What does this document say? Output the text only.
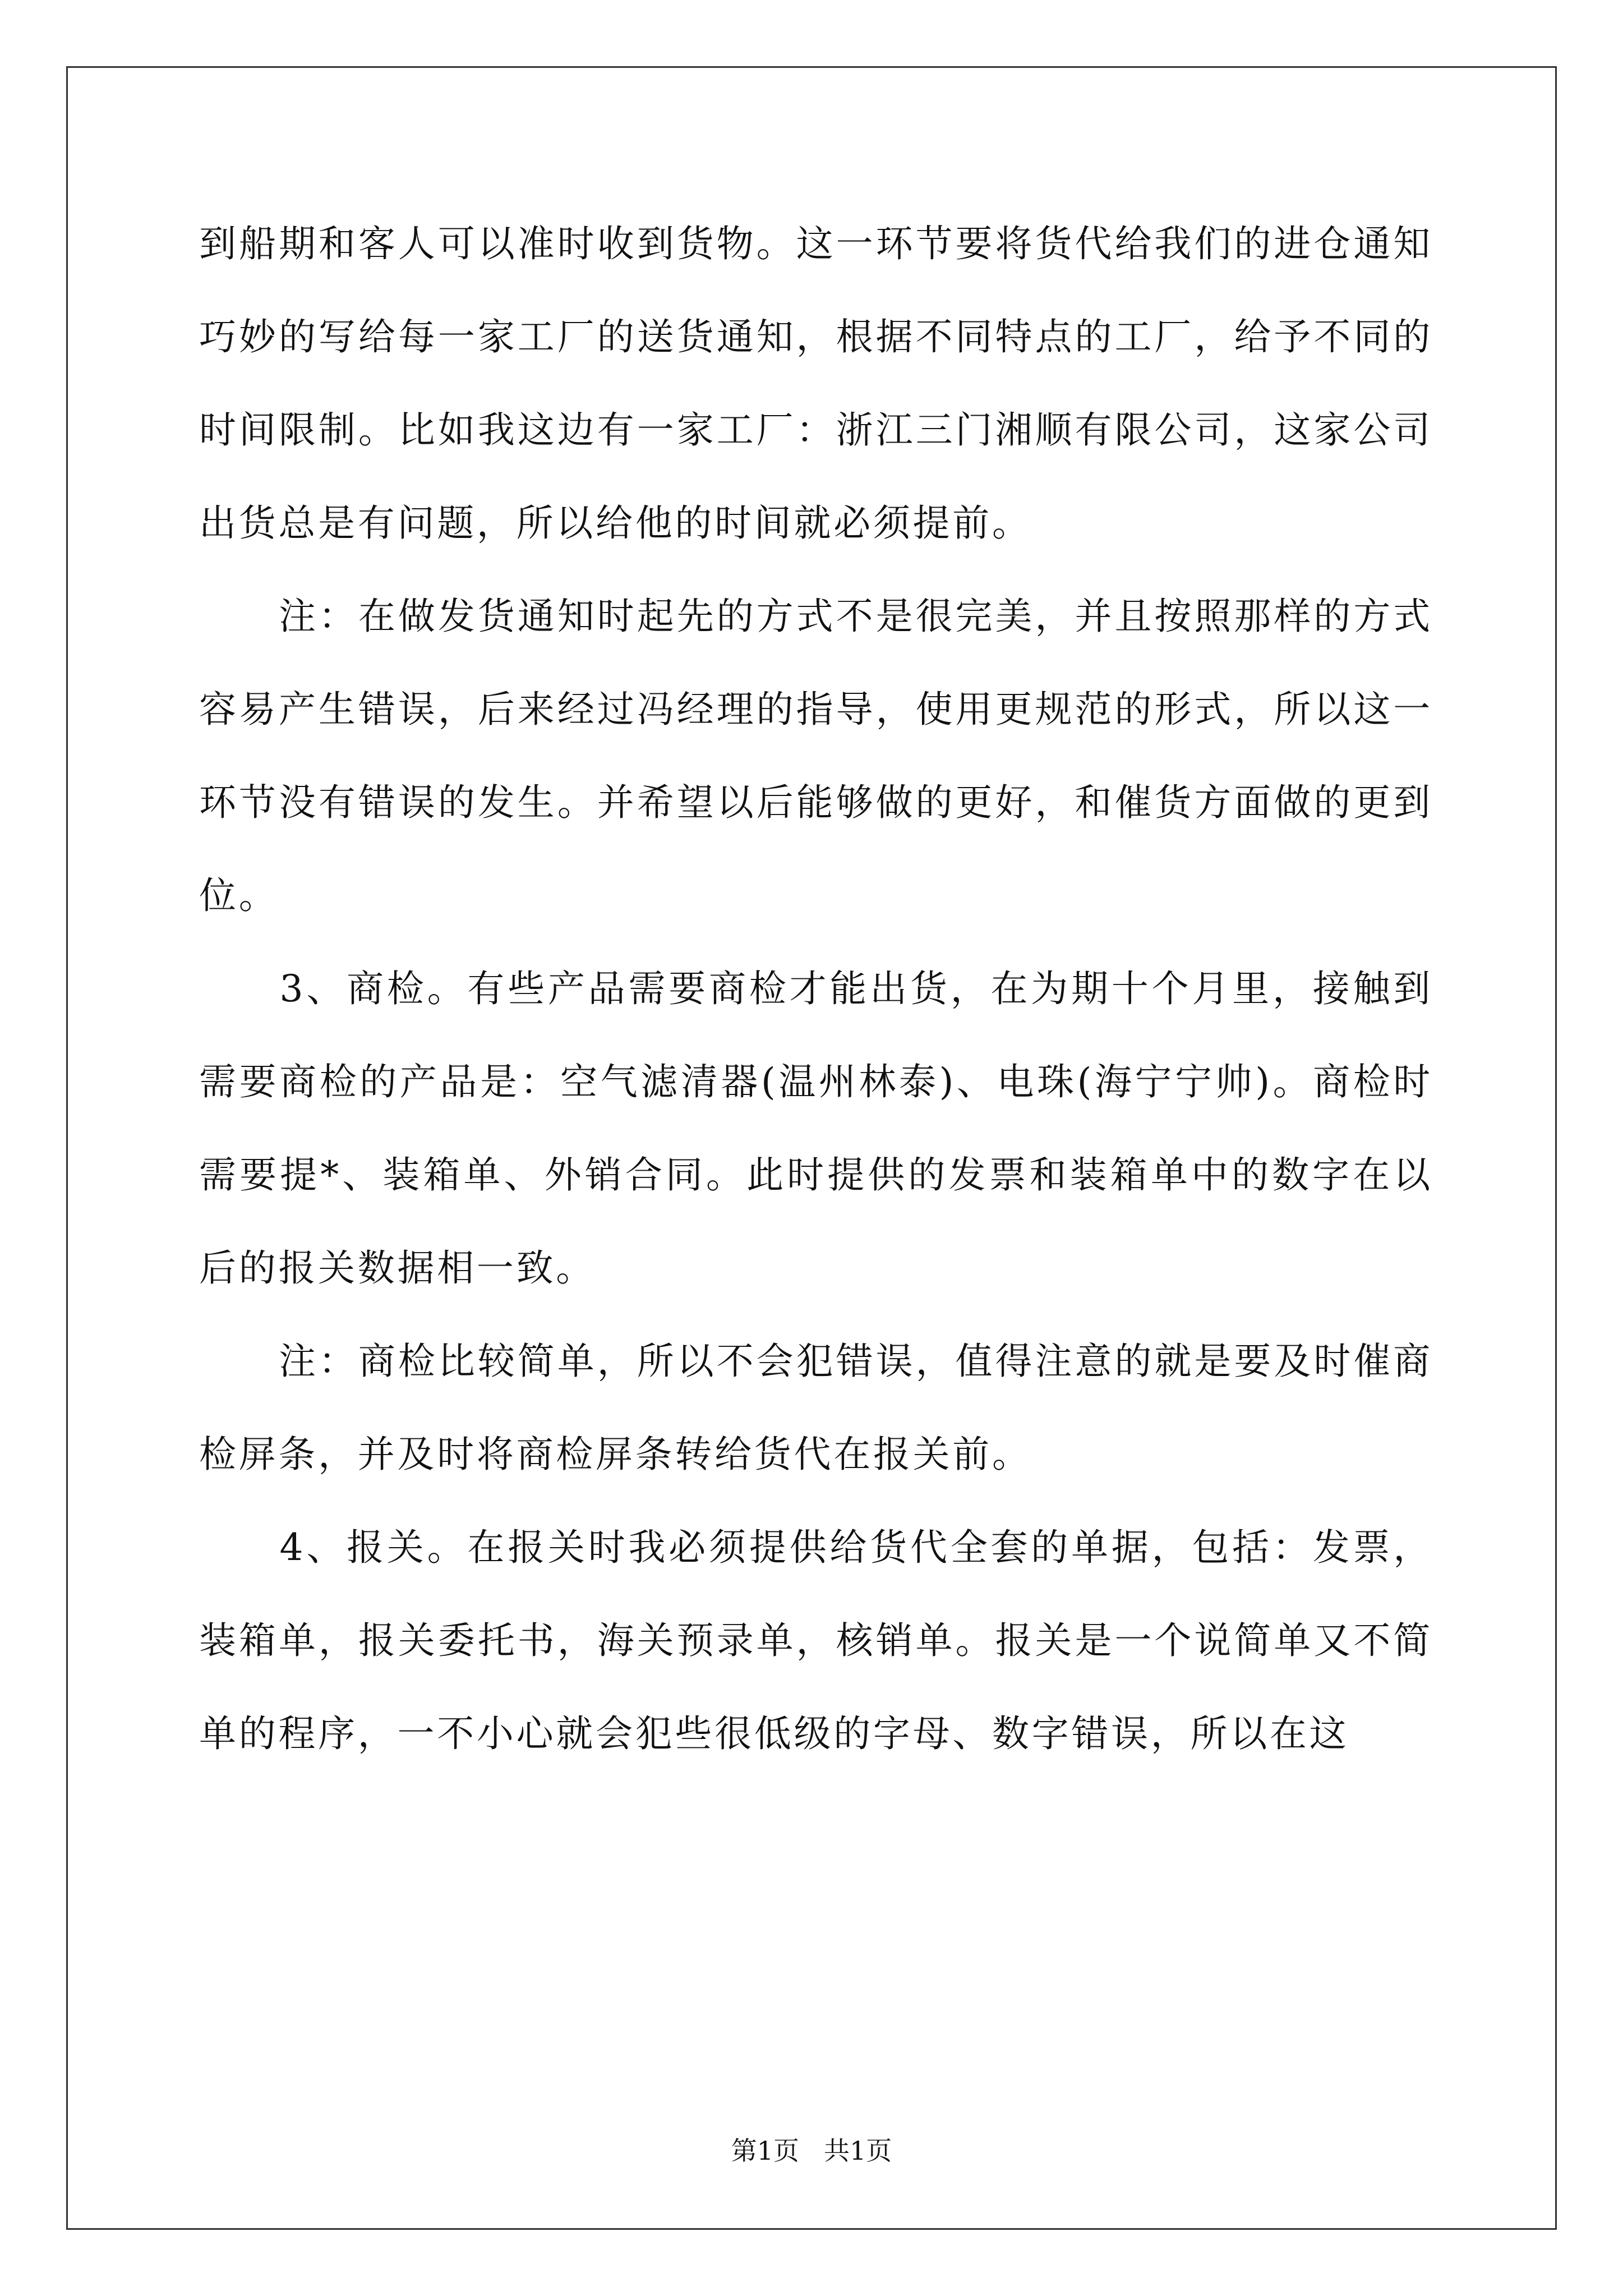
到船期和客人可以准时收到货物。这一环节要将货代给我们的进仓通知巧妙的写给每一家工厂的送货通知，根据不同特点的工厂，给予不同的时间限制。比如我这边有一家工厂：浙江三门湘顺有限公司，这家公司出货总是有问题，所以给他的时间就必须提前。

　　注：在做发货通知时起先的方式不是很完美，并且按照那样的方式容易产生错误，后来经过冯经理的指导，使用更规范的形式，所以这一环节没有错误的发生。并希望以后能够做的更好，和催货方面做的更到位。

　　3、商检。有些产品需要商检才能出货，在为期十个月里，接触到需要商检的产品是：空气滤清器(温州林泰)、电珠(海宁宁帅)。商检时需要提*、装箱单、外销合同。此时提供的发票和装箱单中的数字在以后的报关数据相一致。

　　注：商检比较简单，所以不会犯错误，值得注意的就是要及时催商检屏条，并及时将商检屏条转给货代在报关前。

　　4、报关。在报关时我必须提供给货代全套的单据，包括：发票，装箱单，报关委托书，海关预录单，核销单。报关是一个说简单又不简单的程序，一不小心就会犯些很低级的字母、数字错误，所以在这

第1页 共1页
